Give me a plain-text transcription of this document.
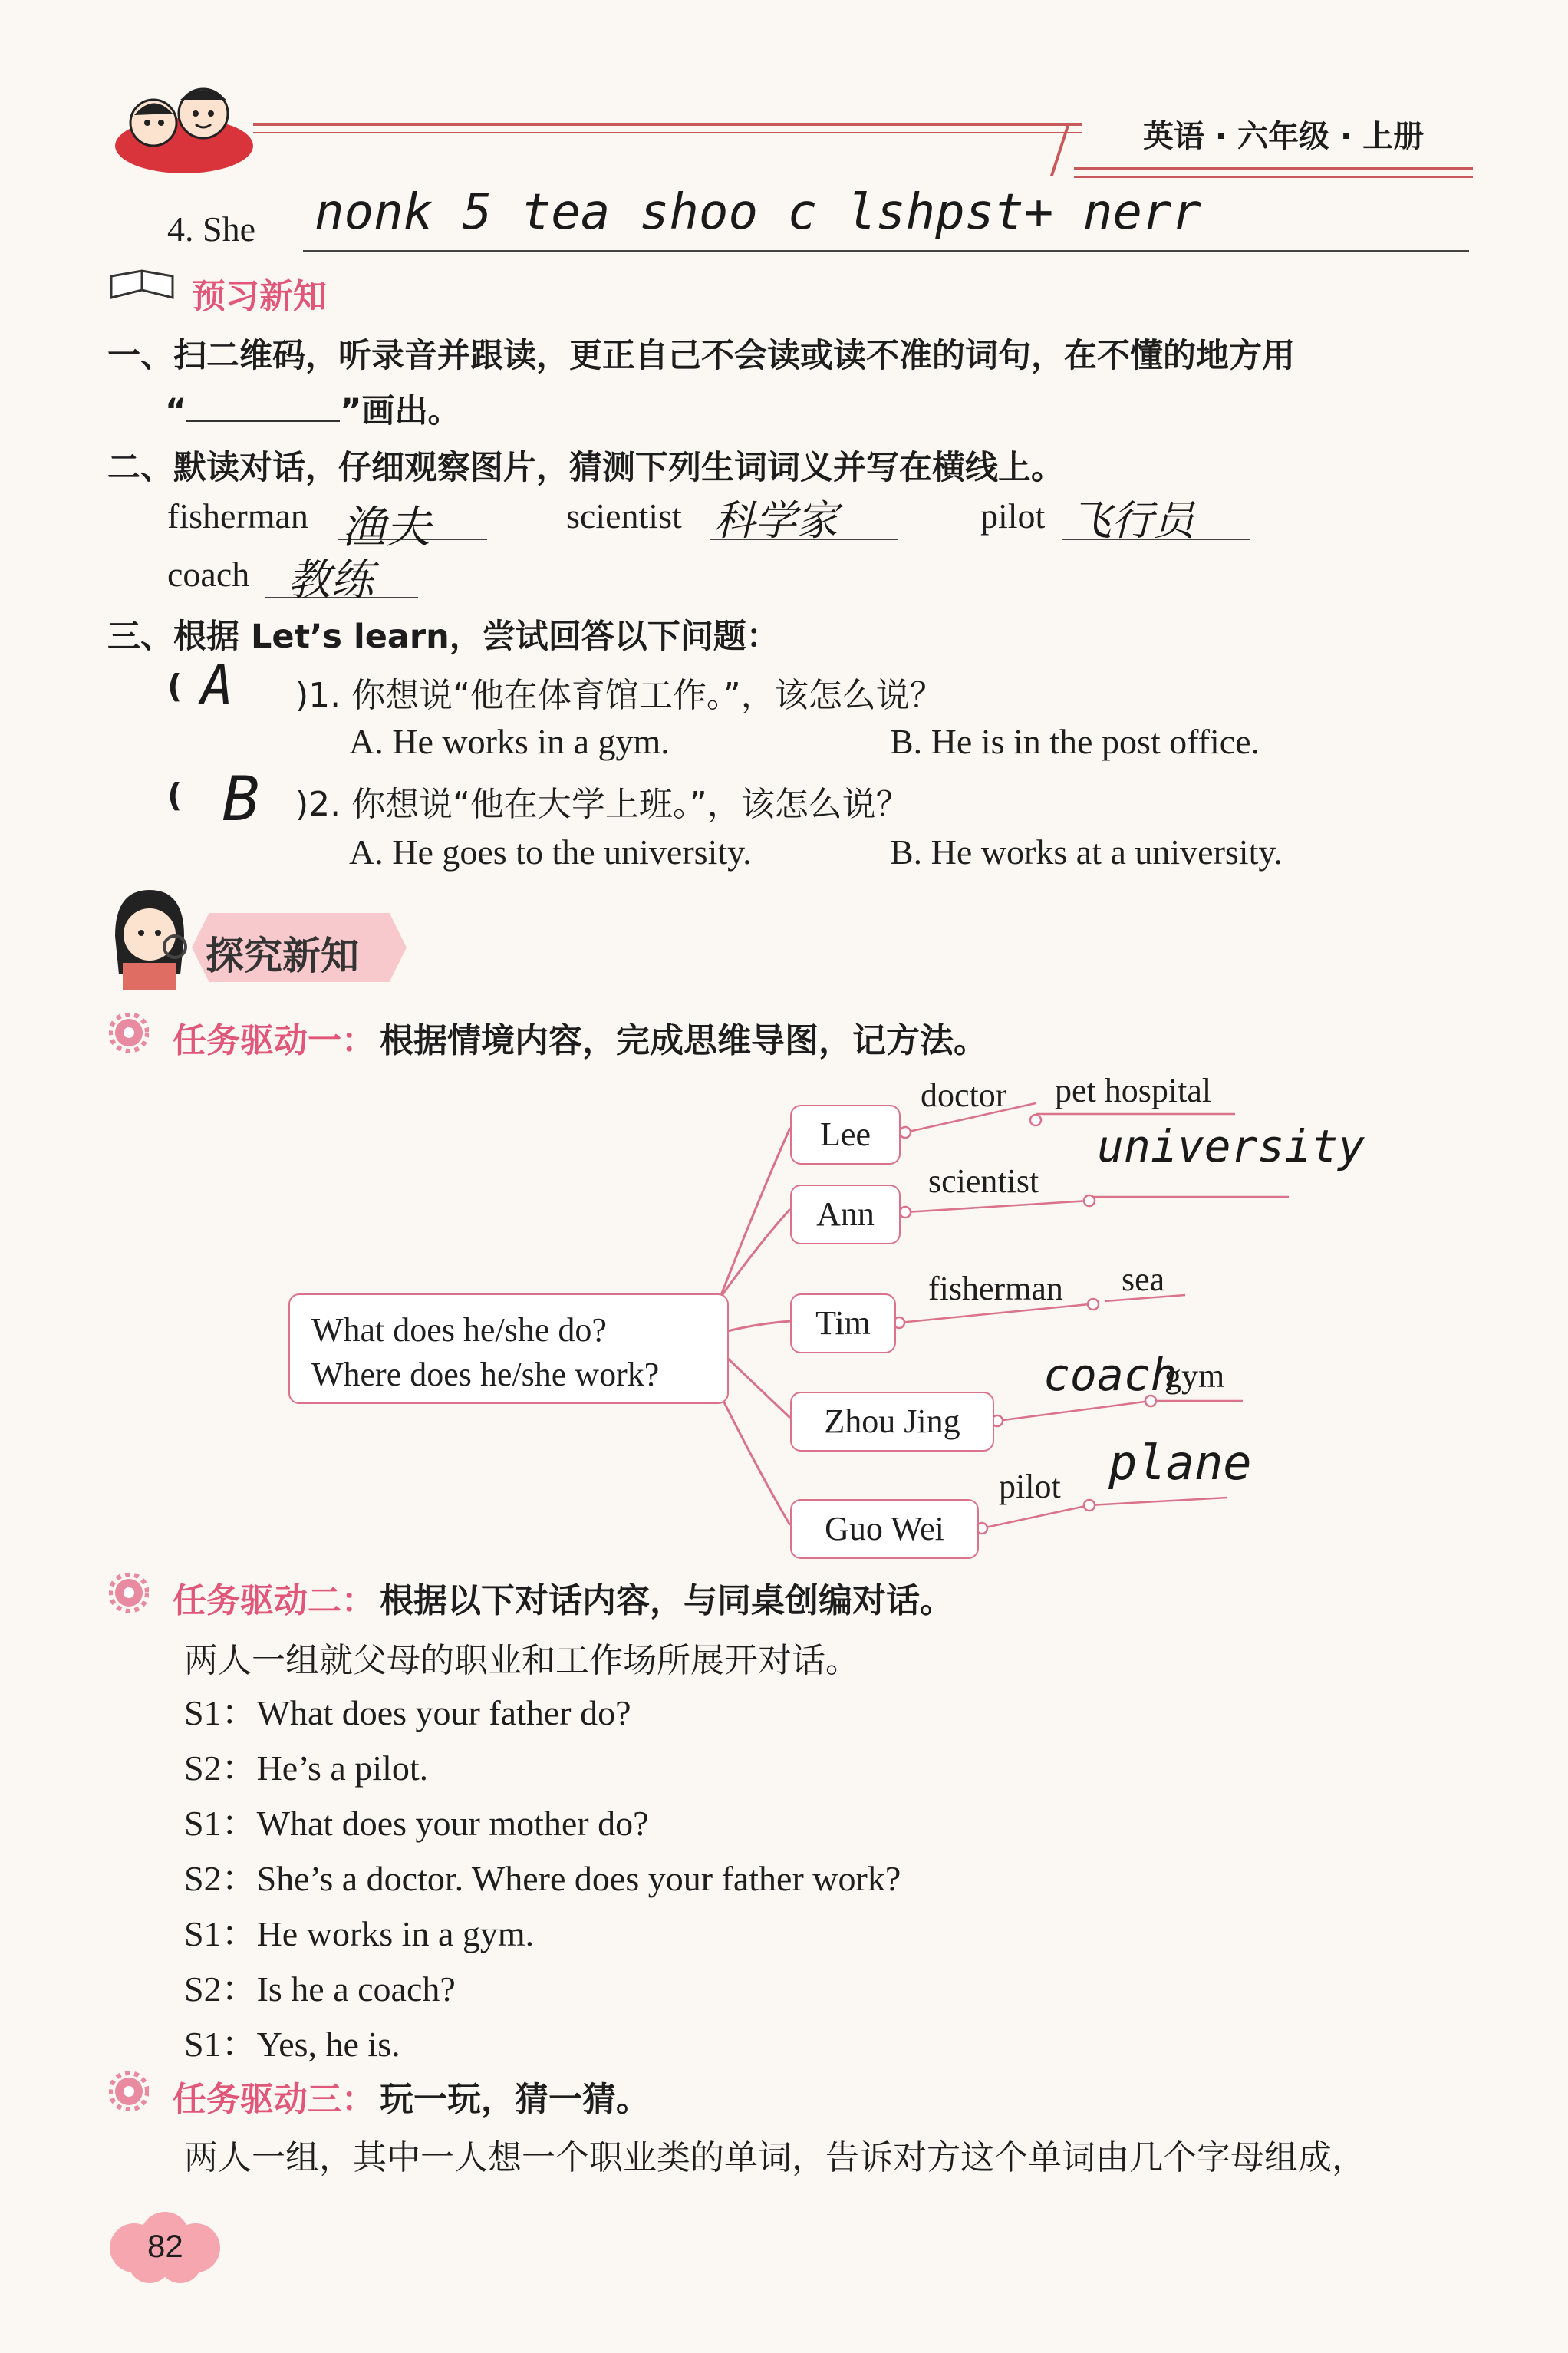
英语 · 六年级 · 上册
4. She nonk 5 tea shoo c lshpst+ nerr
预习新知
一、扫二维码，听录音并跟读，更正自己不会读或读不准的词句，在不懂的地方用
“	”画出。
二、默读对话，仔细观察图片，猜测下列生词词义并写在横线上。
fisherman 渔夫	scientist 科学家	pilot 飞行员
coach 教练
三、根据 Let’s learn，尝试回答以下问题：
( A )1. 你想说“他在体育馆工作。”，该怎么说？
A. He works in a gym.	B. He is in the post office.
( B )2. 你想说“他在大学上班。”，该怎么说？
A. He goes to the university.	B. He works at a university.
探究新知
任务驱动一： 根据情境内容，完成思维导图，记方法。
What does he/she do?
Where does he/she work?
Lee
Ann
Tim
Zhou Jing
Guo Wei
doctor pet hospital
scientist
university
fisherman sea
coach
gym
pilot plane
任务驱动二： 根据以下对话内容，与同桌创编对话。
两人一组就父母的职业和工作场所展开对话。
S1：What does your father do?
S2：He’s a pilot.
S1：What does your mother do?
S2：She’s a doctor. Where does your father work?
S1：He works in a gym.
S2：Is he a coach?
S1：Yes, he is.
任务驱动三： 玩一玩，猜一猜。
两人一组，其中一人想一个职业类的单词，告诉对方这个单词由几个字母组成，
82
